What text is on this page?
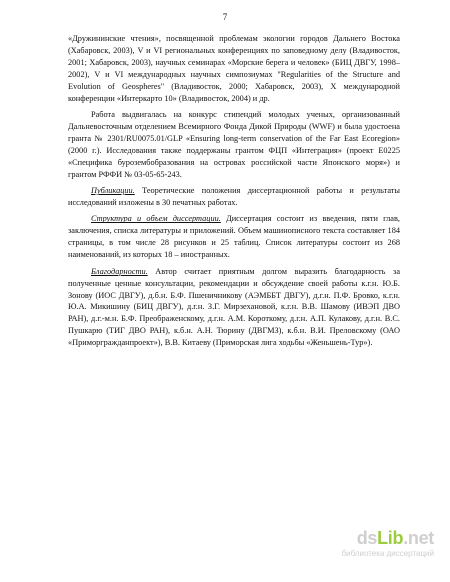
7

«Дружининские чтения», посвященной проблемам экологии городов Дальнего Востока (Хабаровск, 2003), V и VI региональных конференциях по заповедному делу (Владивосток, 2001; Хабаровск, 2003), научных семинарах «Морские берега и человек» (БИЦ ДВГУ, 1998–2002), V и VI международных научных симпозиумах "Regularities of the Structure and Evolution of Geospheres" (Владивосток, 2000; Хабаровск, 2003), X международной конференции «Интеркарто 10» (Владивосток, 2004) и др.

Работа выдвигалась на конкурс стипендий молодых ученых, организованный Дальневосточным отделением Всемирного Фонда Дикой Природы (WWF) и была удостоена гранта № 2301/RU0075.01/GLP «Ensuring long-term conservation of the Far East Ecoregion» (2000 г.). Исследования также поддержаны грантом ФЦП «Интеграция» (проект Е0225 «Специфика бурозембобразования на островах российской части Японского моря») и грантом РФФИ № 03-05-65-243.

Публикации. Теоретические положения диссертационной работы и результаты исследований изложены в 30 печатных работах.

Структура и объем диссертации. Диссертация состоит из введения, пяти глав, заключения, списка литературы и приложений. Объем машинописного текста составляет 184 страницы, в том числе 28 рисунков и 25 таблиц. Список литературы состоит из 268 наименований, из которых 18 – иностранных.

Благодарности. Автор считает приятным долгом выразить благодарность за полученные ценные консультации, рекомендации и обсуждение своей работы к.г.н. Ю.Б. Зонову (ИОС ДВГУ), д.б.н. Б.Ф. Пшеничникову (АЭМББТ ДВГУ), д.г.н. П.Ф. Бровко, к.г.н. Ю.А. Микишину (БИЦ ДВГУ), д.г.н. З.Г. Мирзехановой, к.г.н. В.В. Шамову (ИВЭП ДВО РАН), д.г.-м.н. Б.Ф. Преображенскому, д.г.н. А.М. Короткому, д.г.н. А.П. Кулакову, д.г.н. В.С. Пушкарю (ТИГ ДВО РАН), к.б.н. А.Н. Тюрину (ДВГМЗ), к.б.н. В.И. Преловскому (ОАО «Приморгражданпроект»), В.В. Китаеву (Приморская лига ходьбы «Женьшень-Тур»).

dsLib.net
библиотека диссертаций
